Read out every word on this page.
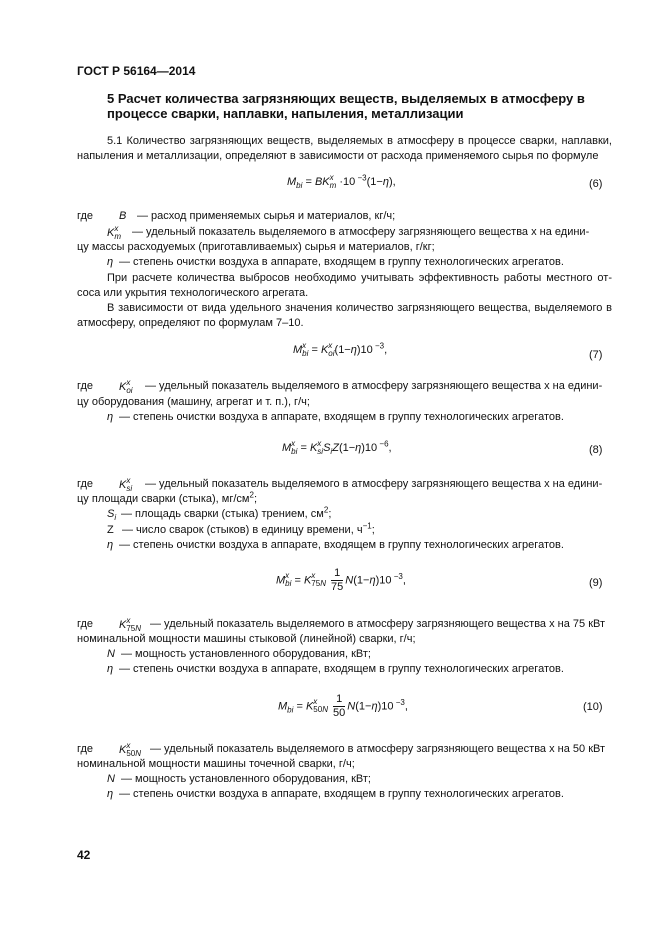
ГОСТ Р 56164—2014
5 Расчет количества загрязняющих веществ, выделяемых в атмосферу в процессе сварки, наплавки, напыления, металлизации
5.1 Количество загрязняющих веществ, выделяемых в атмосферу в процессе сварки, наплавки, напыления и металлизации, определяют в зависимости от расхода применяемого сырья по формуле
$M_{bi}$ = BK x
m ·10 $^{-3}$(1−η),	(6)
где B — расход применяемых сырья и материалов, кг/ч;
K x
m — удельный показатель выделяемого в атмосферу загрязняющего вещества х на едини-
цу массы расходуемых (приготавливаемых) сырья и материалов, г/кг;
η — степень очистки воздуха в аппарате, входящем в группу технологических агрегатов.
При расчете количества выбросов необходимо учитывать эффективность работы местного от-соса или укрытия технологического агрегата.
В зависимости от вида удельного значения количество загрязняющего вещества, выделяемого в атмосферу, определяют по формулам 7–10.
M x
bi = K x
oi (1−η)10 $^{-3}$,	(7)
где K x
oi — удельный показатель выделяемого в атмосферу загрязняющего вещества х на едини-
цу оборудования (машину, агрегат и т. п.), г/ч;
η — степень очистки воздуха в аппарате, входящем в группу технологических агрегатов.
M x
bi = K x
si $S_iZ(1-\eta)10$ $^{-6}$,	(8)
где K x
si — удельный показатель выделяемого в атмосферу загрязняющего вещества х на едини-
цу площади сварки (стыка), $мг/см^2$;
$S_i$ — площадь сварки (стыка) трением, $см^2$;
Z — число сварок (стыков) в единицу времени, $ч^{-1}$;
η — степень очистки воздуха в аппарате, входящем в группу технологических агрегатов.
M x
bi = K x
75N
$\frac{1}{75} N(1-\eta)10$ $^{-3}$,	(9)
где K x
75N — удельный показатель выделяемого в атмосферу загрязняющего вещества х на 75 кВт
номинальной мощности машины стыковой (линейной) сварки, г/ч;
N — мощность установленного оборудования, кВт;
η — степень очистки воздуха в аппарате, входящем в группу технологических агрегатов.
$M_{bi} = K$ x
50N
$\frac{1}{50} N(1-\eta)10$ $^{-3}$,	(10)
где K x
50N — удельный показатель выделяемого в атмосферу загрязняющего вещества х на 50 кВт
номинальной мощности машины точечной сварки, г/ч;
N — мощность установленного оборудования, кВт;
η — степень очистки воздуха в аппарате, входящем в группу технологических агрегатов.
42
